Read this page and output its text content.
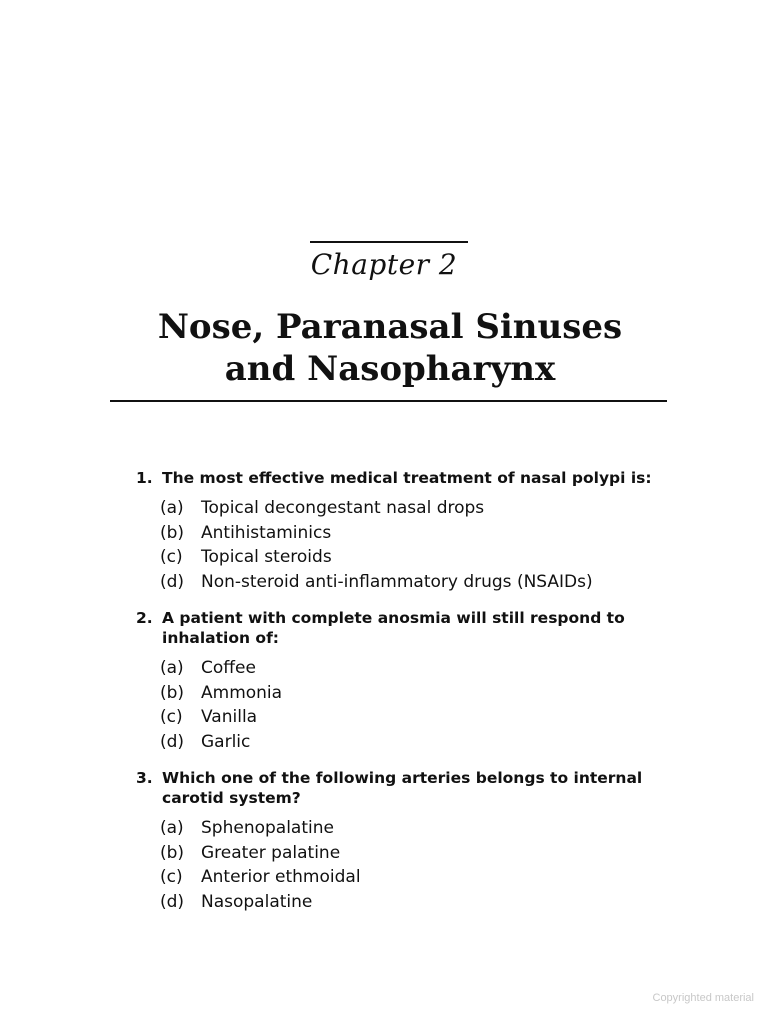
Chapter 2
Nose, Paranasal Sinuses
and Nasopharynx
1. The most effective medical treatment of nasal polypi is:
(a)	Topical decongestant nasal drops
(b) Antihistaminics
(c)	Topical steroids
(d) Non-steroid anti-inflammatory drugs (NSAIDs)
2. A patient with complete anosmia will still respond to inhalation of:
(a)	Coffee
(b) Ammonia
(c)	Vanilla
(d) Garlic
3. Which one of the following arteries belongs to internal carotid system?
(a)	Sphenopalatine
(b) Greater palatine
(c)	Anterior ethmoidal
(d) Nasopalatine
Copyrighted material
